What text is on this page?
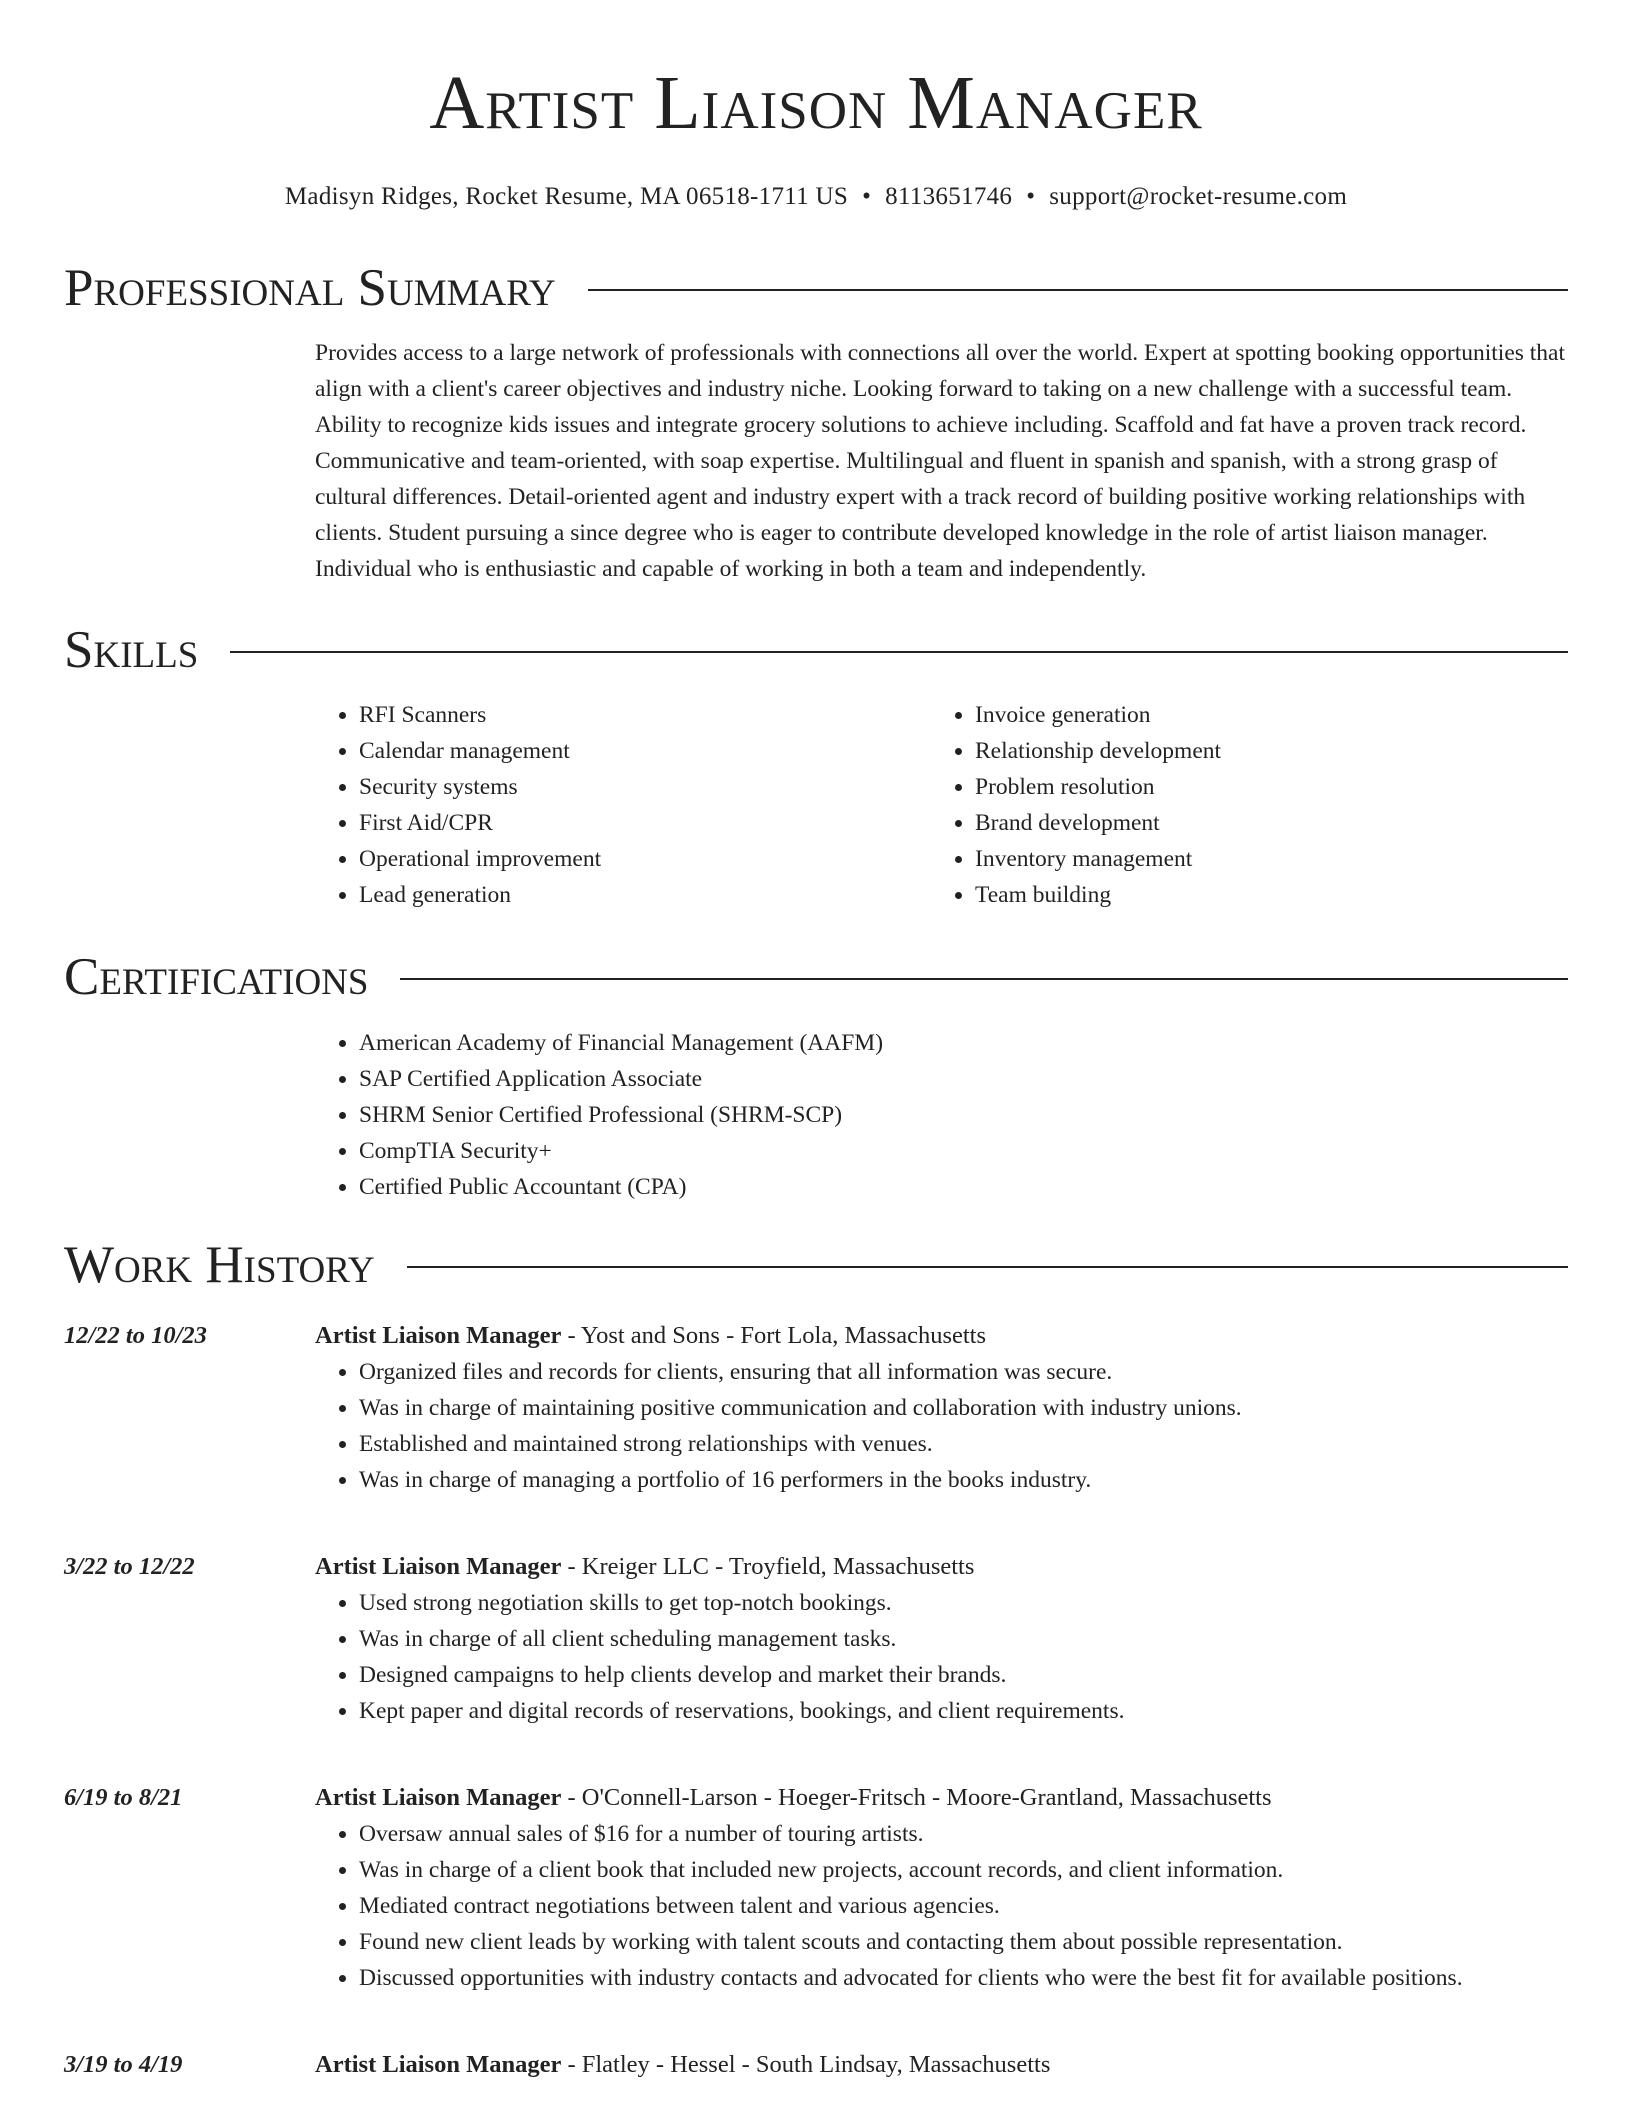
Artist Liaison Manager
Madisyn Ridges, Rocket Resume, MA 06518-1711 US • 8113651746 • support@rocket-resume.com
Professional Summary

Provides access to a large network of professionals with connections all over the world. Expert at spotting booking opportunities that align with a client's career objectives and industry niche. Looking forward to taking on a new challenge with a successful team. Ability to recognize kids issues and integrate grocery solutions to achieve including. Scaffold and fat have a proven track record. Communicative and team-oriented, with soap expertise. Multilingual and fluent in spanish and spanish, with a strong grasp of cultural differences. Detail-oriented agent and industry expert with a track record of building positive working relationships with clients. Student pursuing a since degree who is eager to contribute developed knowledge in the role of artist liaison manager. Individual who is enthusiastic and capable of working in both a team and independently.

Skills
• RFI Scanners
• Calendar management
• Security systems
• First Aid/CPR
• Operational improvement
• Lead generation
• Invoice generation
• Relationship development
• Problem resolution
• Brand development
• Inventory management
• Team building
Certifications
• American Academy of Financial Management (AAFM)
• SAP Certified Application Associate
• SHRM Senior Certified Professional (SHRM-SCP)
• CompTIA Security+
• Certified Public Accountant (CPA)
Work History
12/22 to 10/23	Artist Liaison Manager - Yost and Sons - Fort Lola, Massachusetts
• Organized files and records for clients, ensuring that all information was secure.
• Was in charge of maintaining positive communication and collaboration with industry unions.
• Established and maintained strong relationships with venues.
• Was in charge of managing a portfolio of 16 performers in the books industry.
3/22 to 12/22	Artist Liaison Manager - Kreiger LLC - Troyfield, Massachusetts
• Used strong negotiation skills to get top-notch bookings.
• Was in charge of all client scheduling management tasks.
• Designed campaigns to help clients develop and market their brands.
• Kept paper and digital records of reservations, bookings, and client requirements.
6/19 to 8/21	Artist Liaison Manager - O'Connell-Larson - Hoeger-Fritsch - Moore-Grantland, Massachusetts
• Oversaw annual sales of $16 for a number of touring artists.
• Was in charge of a client book that included new projects, account records, and client information.
• Mediated contract negotiations between talent and various agencies.
• Found new client leads by working with talent scouts and contacting them about possible representation.
• Discussed opportunities with industry contacts and advocated for clients who were the best fit for available positions.
3/19 to 4/19	Artist Liaison Manager - Flatley - Hessel - South Lindsay, Massachusetts
